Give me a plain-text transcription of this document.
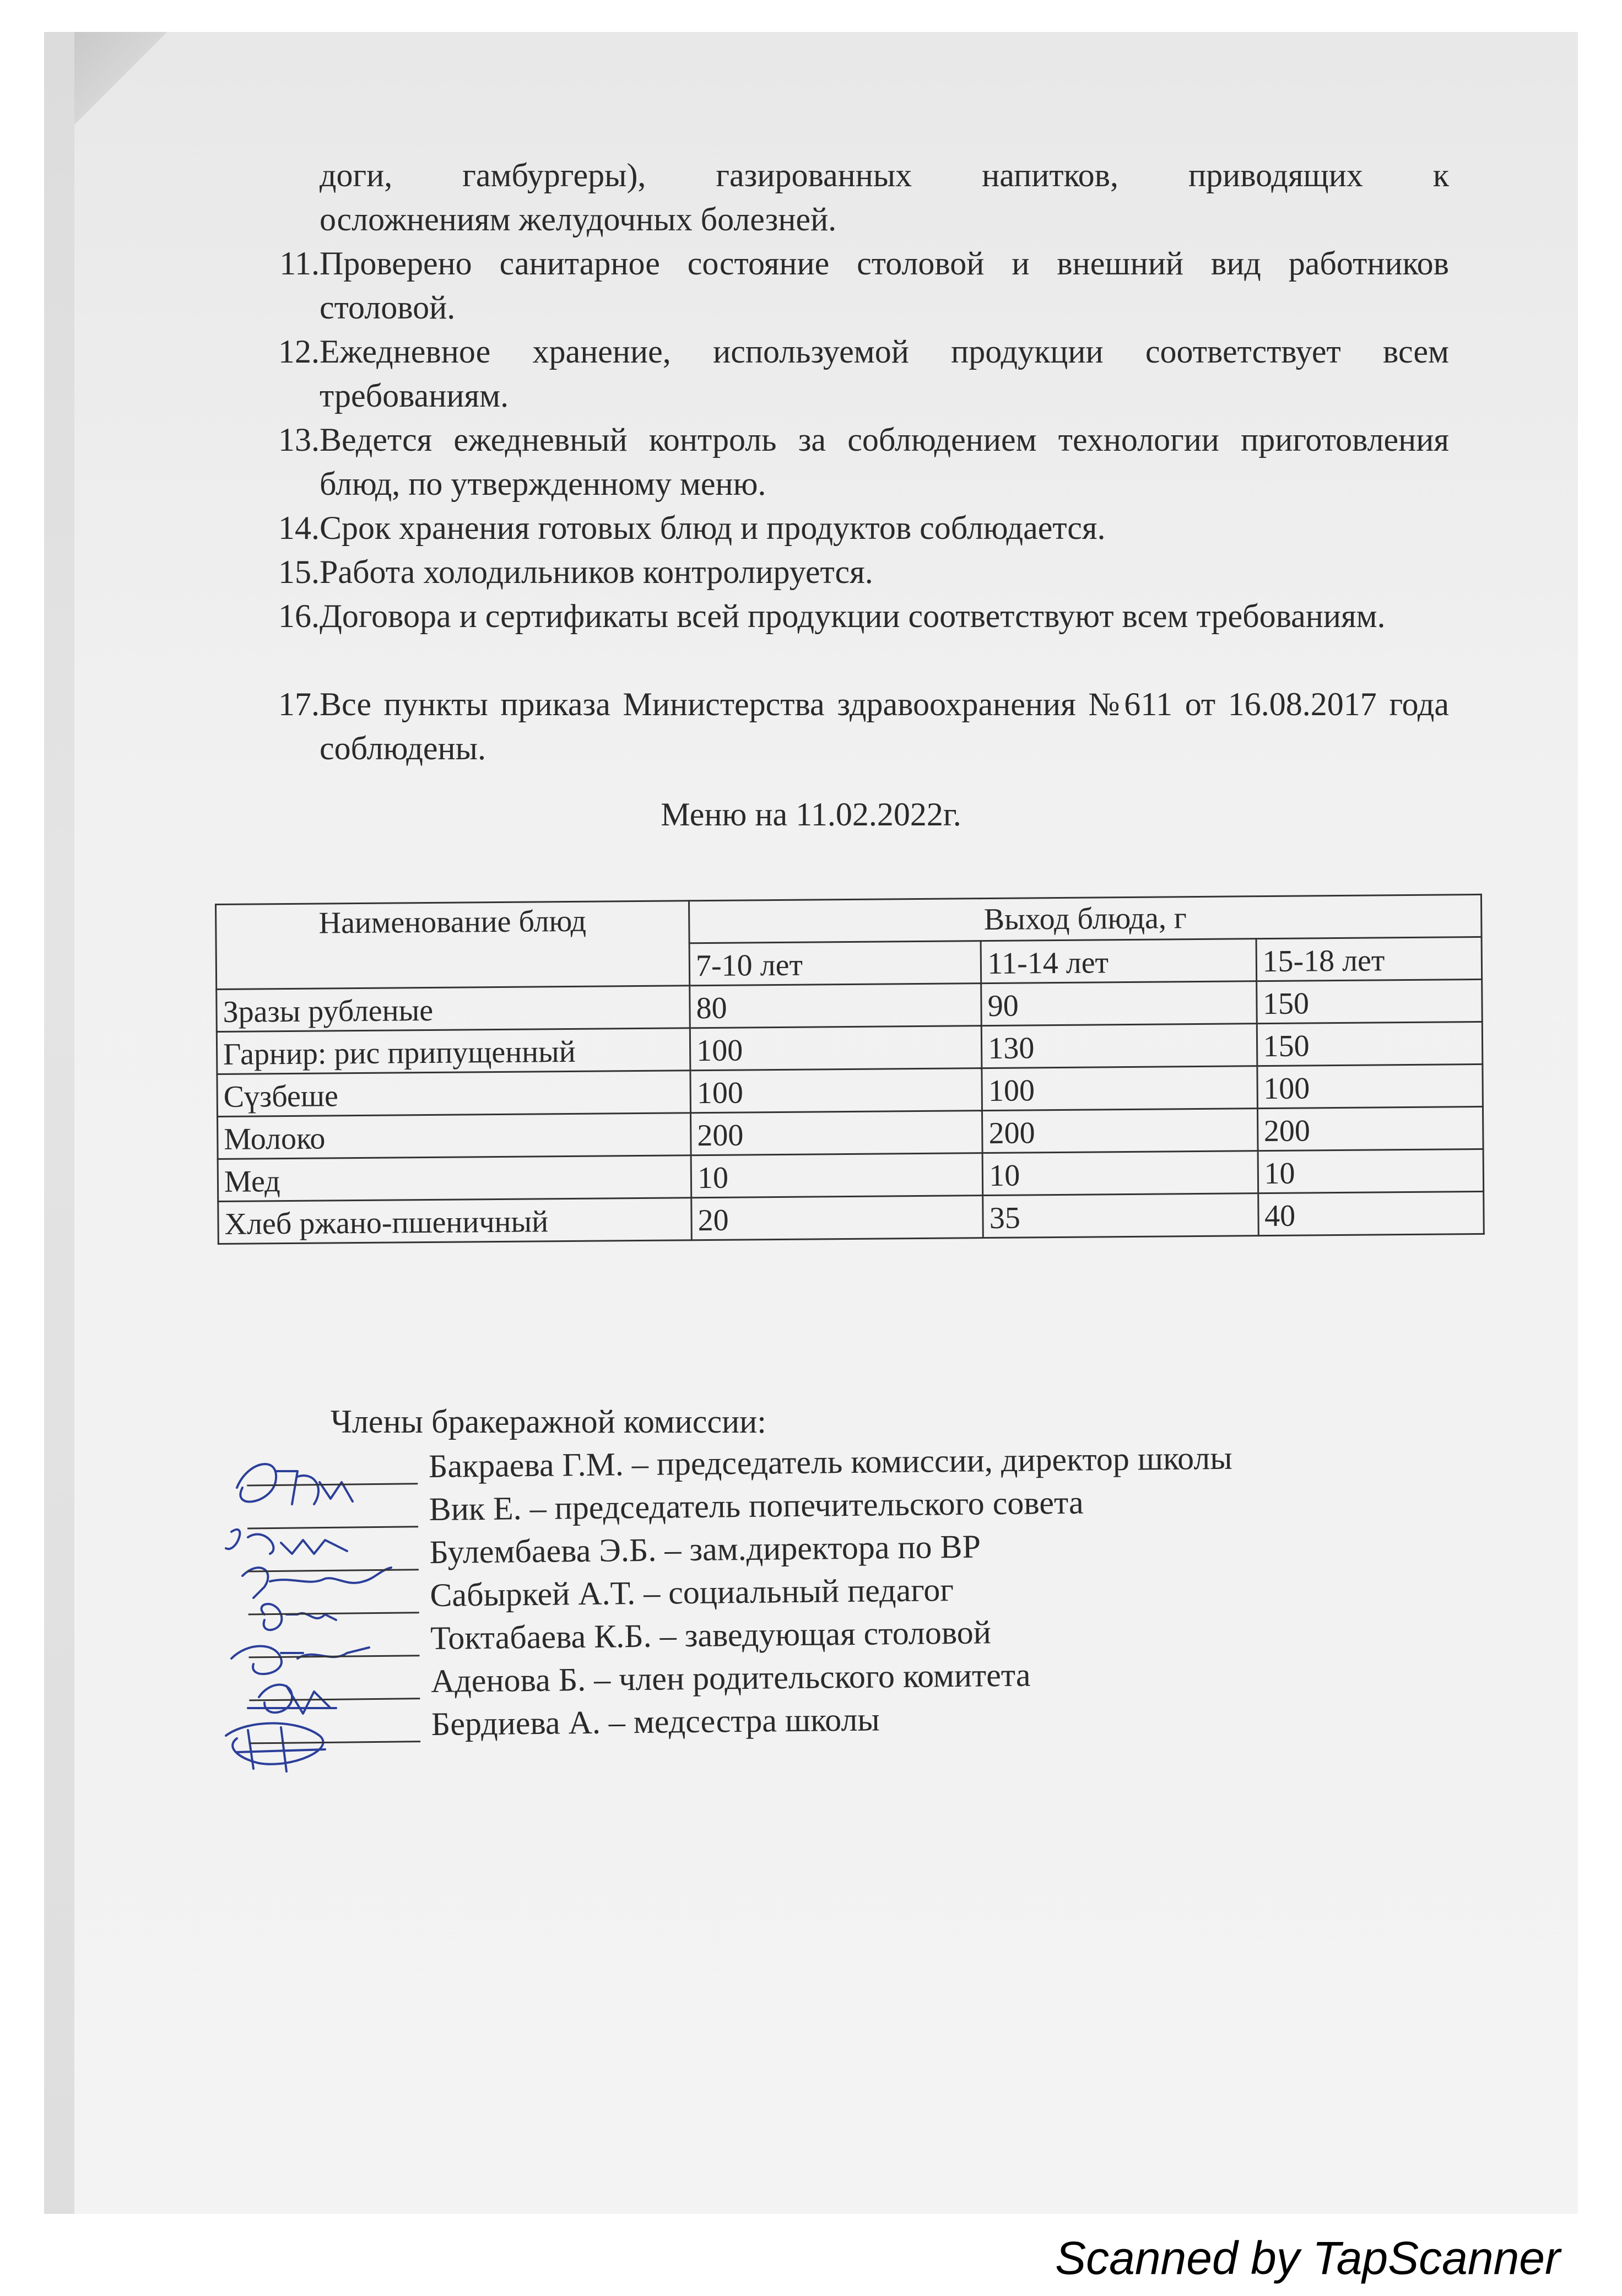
доги, гамбургеры), газированных напитков, приводящих к
осложнениям желудочных болезней.
11. Проверено санитарное состояние столовой и внешний вид работников столовой.
12. Ежедневное хранение, используемой продукции соответствует всем требованиям.
13. Ведется ежедневный контроль за соблюдением технологии приготовления блюд, по утвержденному меню.
14. Срок хранения готовых блюд и продуктов соблюдается.
15. Работа холодильников контролируется.
16. Договора и сертификаты всей продукции соответствуют всем требованиям.
17. Все пункты приказа Министерства здравоохранения №611 от 16.08.2017 года соблюдены.
Меню на 11.02.2022г.
Наименование блюд	Выход блюда, г		
	7-10 лет	11-14 лет	15-18 лет
Зразы рубленые	80	90	150
Гарнир: рис припущенный	100	130	150
Сүзбеше	100	100	100
Молоко	200	200	200
Мед	10	10	10
Хлеб ржано-пшеничный	20	35	40
Члены бракеражной комиссии:
Бакраева Г.М. – председатель комиссии, директор школы
Вик Е. – председатель попечительского совета
Булембаева Э.Б. – зам.директора по ВР
Сабыркей А.Т. – социальный педагог
Токтабаева К.Б. – заведующая столовой
Аденова Б. – член родительского комитета
Бердиева А. – медсестра школы
Scanned by TapScanner
